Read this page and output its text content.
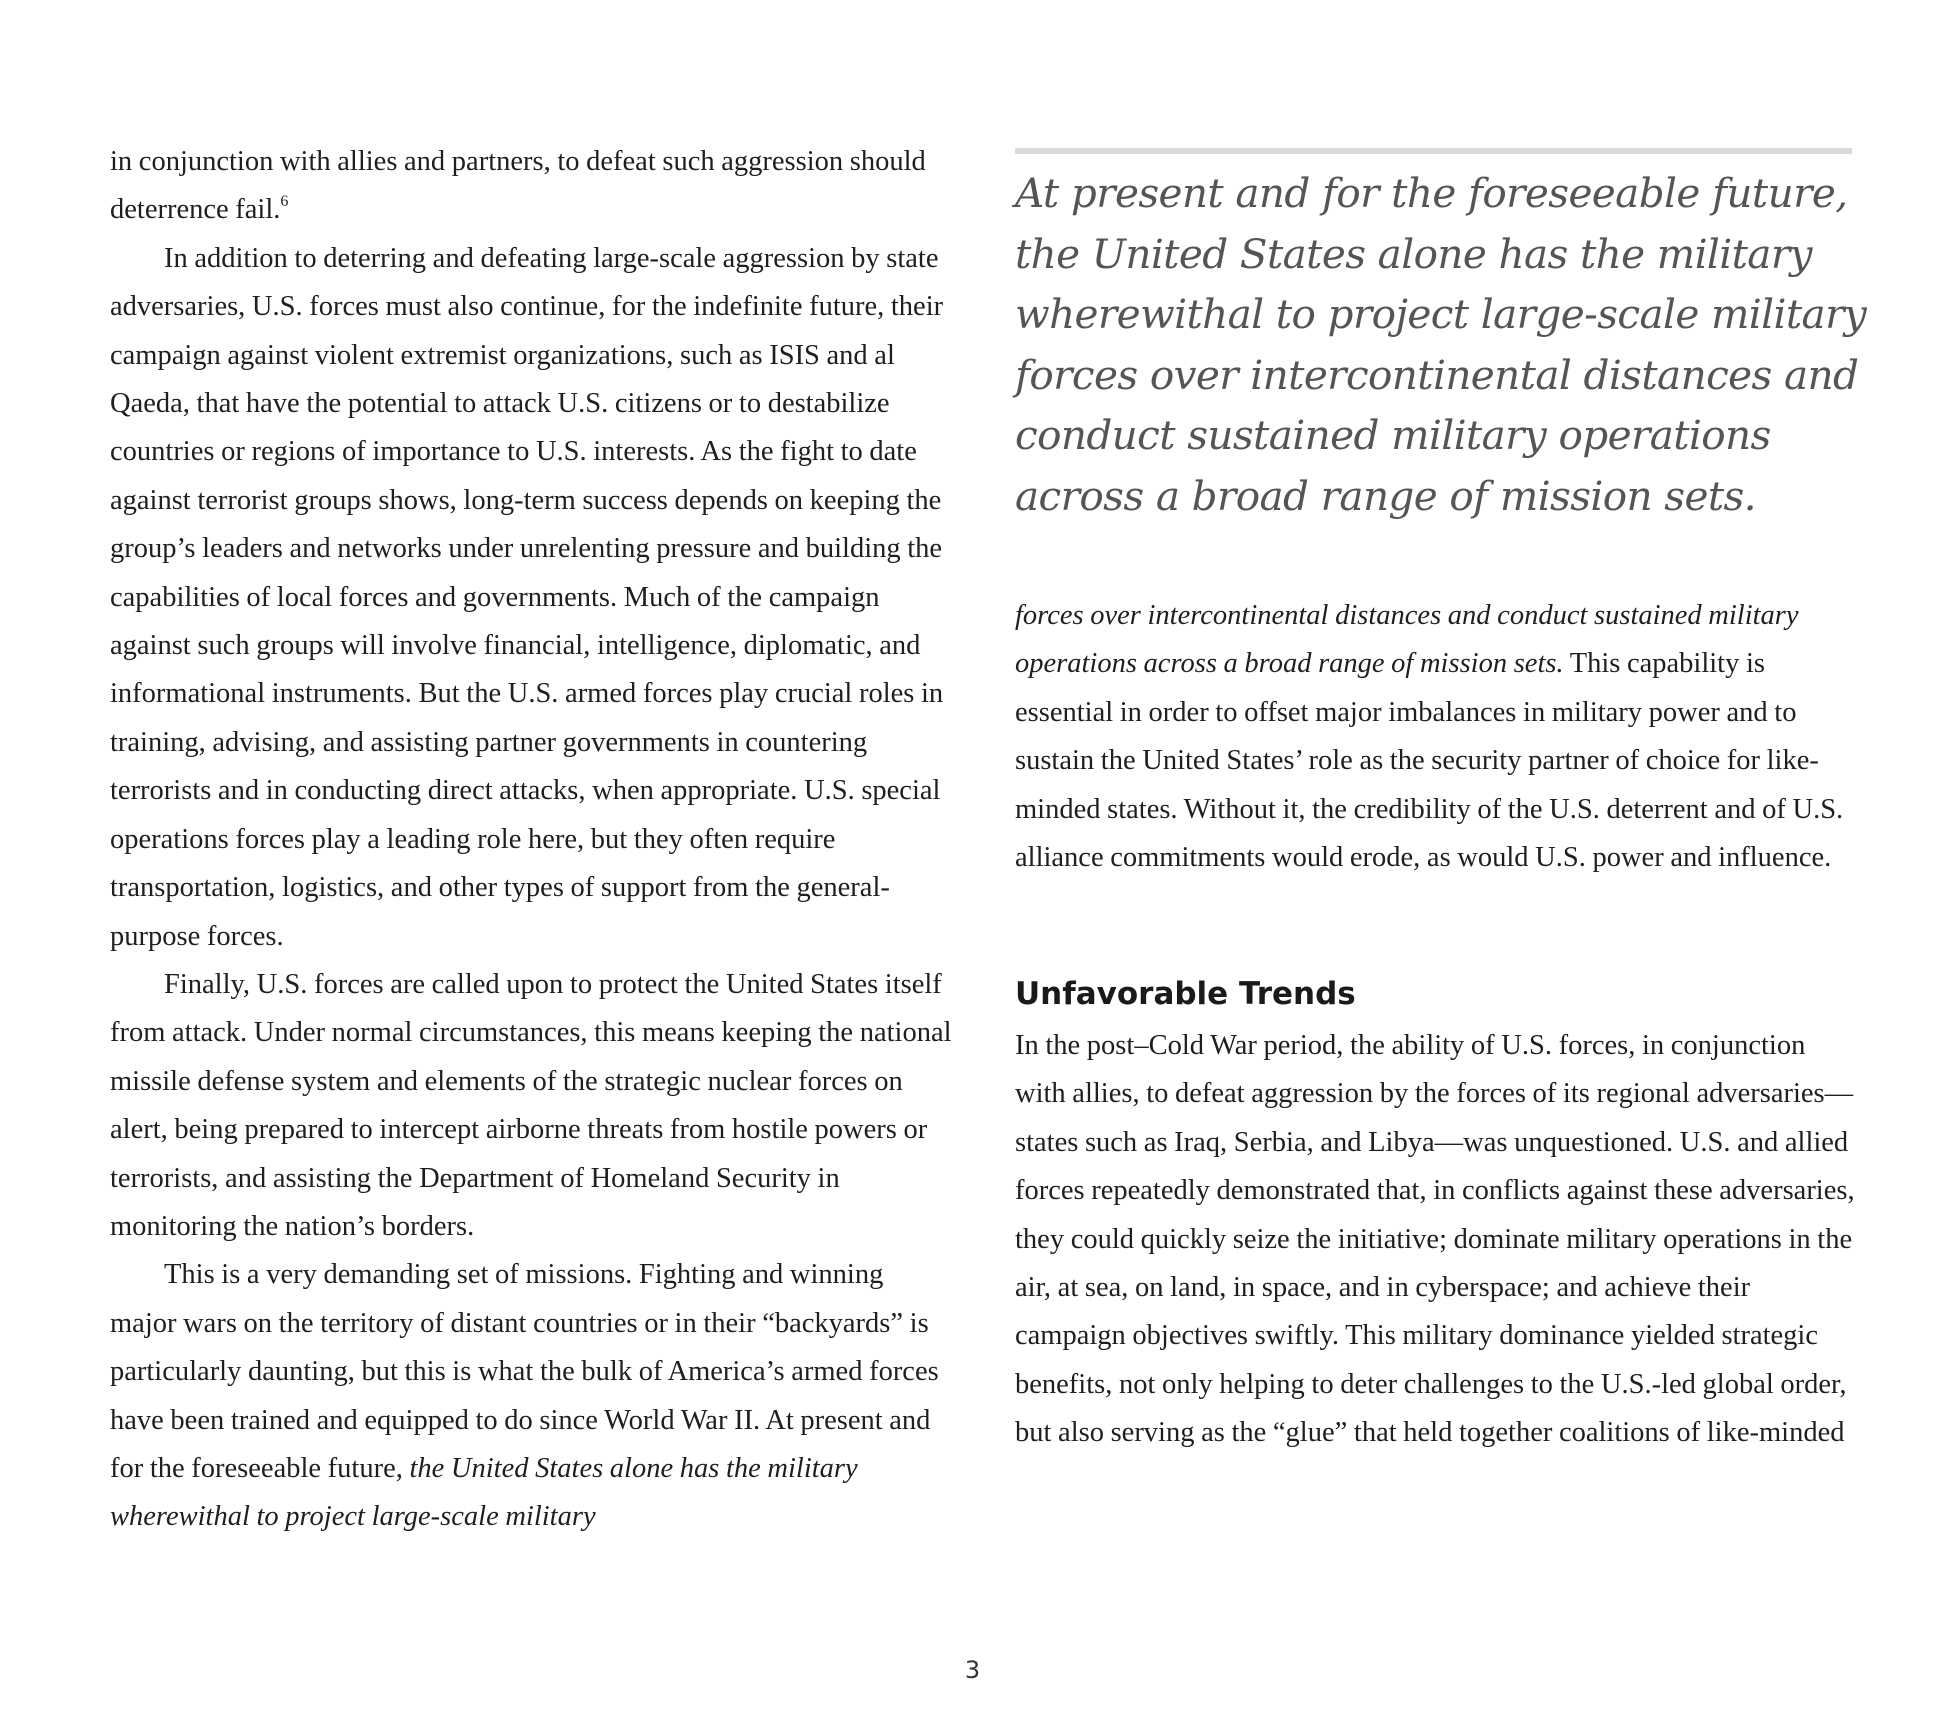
in conjunction with allies and partners, to defeat such aggression should deterrence fail.$^6$

In addition to deterring and defeating large-scale aggression by state adversaries, U.S. forces must also continue, for the indefinite future, their campaign against violent extremist organizations, such as ISIS and al Qaeda, that have the potential to attack U.S. citizens or to destabilize countries or regions of importance to U.S. interests. As the fight to date against terrorist groups shows, long-term success depends on keeping the group’s leaders and networks under unrelenting pressure and building the capabilities of local forces and governments. Much of the campaign against such groups will involve financial, intelligence, diplomatic, and informational instruments. But the U.S. armed forces play crucial roles in training, advising, and assisting partner governments in countering terrorists and in conducting direct attacks, when appropriate. U.S. special operations forces play a leading role here, but they often require transportation, logistics, and other types of support from the general-purpose forces.

Finally, U.S. forces are called upon to protect the United States itself from attack. Under normal circumstances, this means keeping the national missile defense system and elements of the strategic nuclear forces on alert, being prepared to intercept airborne threats from hostile powers or terrorists, and assisting the Department of Homeland Security in monitoring the nation’s borders.

This is a very demanding set of missions. Fighting and winning major wars on the territory of distant countries or in their “backyards” is particularly daunting, but this is what the bulk of America’s armed forces have been trained and equipped to do since World War II. At present and for the foreseeable future, the United States alone has the military wherewithal to project large-scale military

At present and for the foreseeable future, the United States alone has the military wherewithal to project large-scale military forces over intercontinental distances and conduct sustained military operations across a broad range of mission sets.

forces over intercontinental distances and conduct sustained military operations across a broad range of mission sets. This capability is essential in order to offset major imbalances in military power and to sustain the United States’ role as the security partner of choice for like-minded states. Without it, the credibility of the U.S. deterrent and of U.S. alliance commitments would erode, as would U.S. power and influence.

Unfavorable Trends

In the post–Cold War period, the ability of U.S. forces, in conjunction with allies, to defeat aggression by the forces of its regional adversaries—states such as Iraq, Serbia, and Libya—was unquestioned. U.S. and allied forces repeatedly demonstrated that, in conflicts against these adversaries, they could quickly seize the initiative; dominate military operations in the air, at sea, on land, in space, and in cyberspace; and achieve their campaign objectives swiftly. This military dominance yielded strategic benefits, not only helping to deter challenges to the U.S.-led global order, but also serving as the “glue” that held together coalitions of like-minded

3
